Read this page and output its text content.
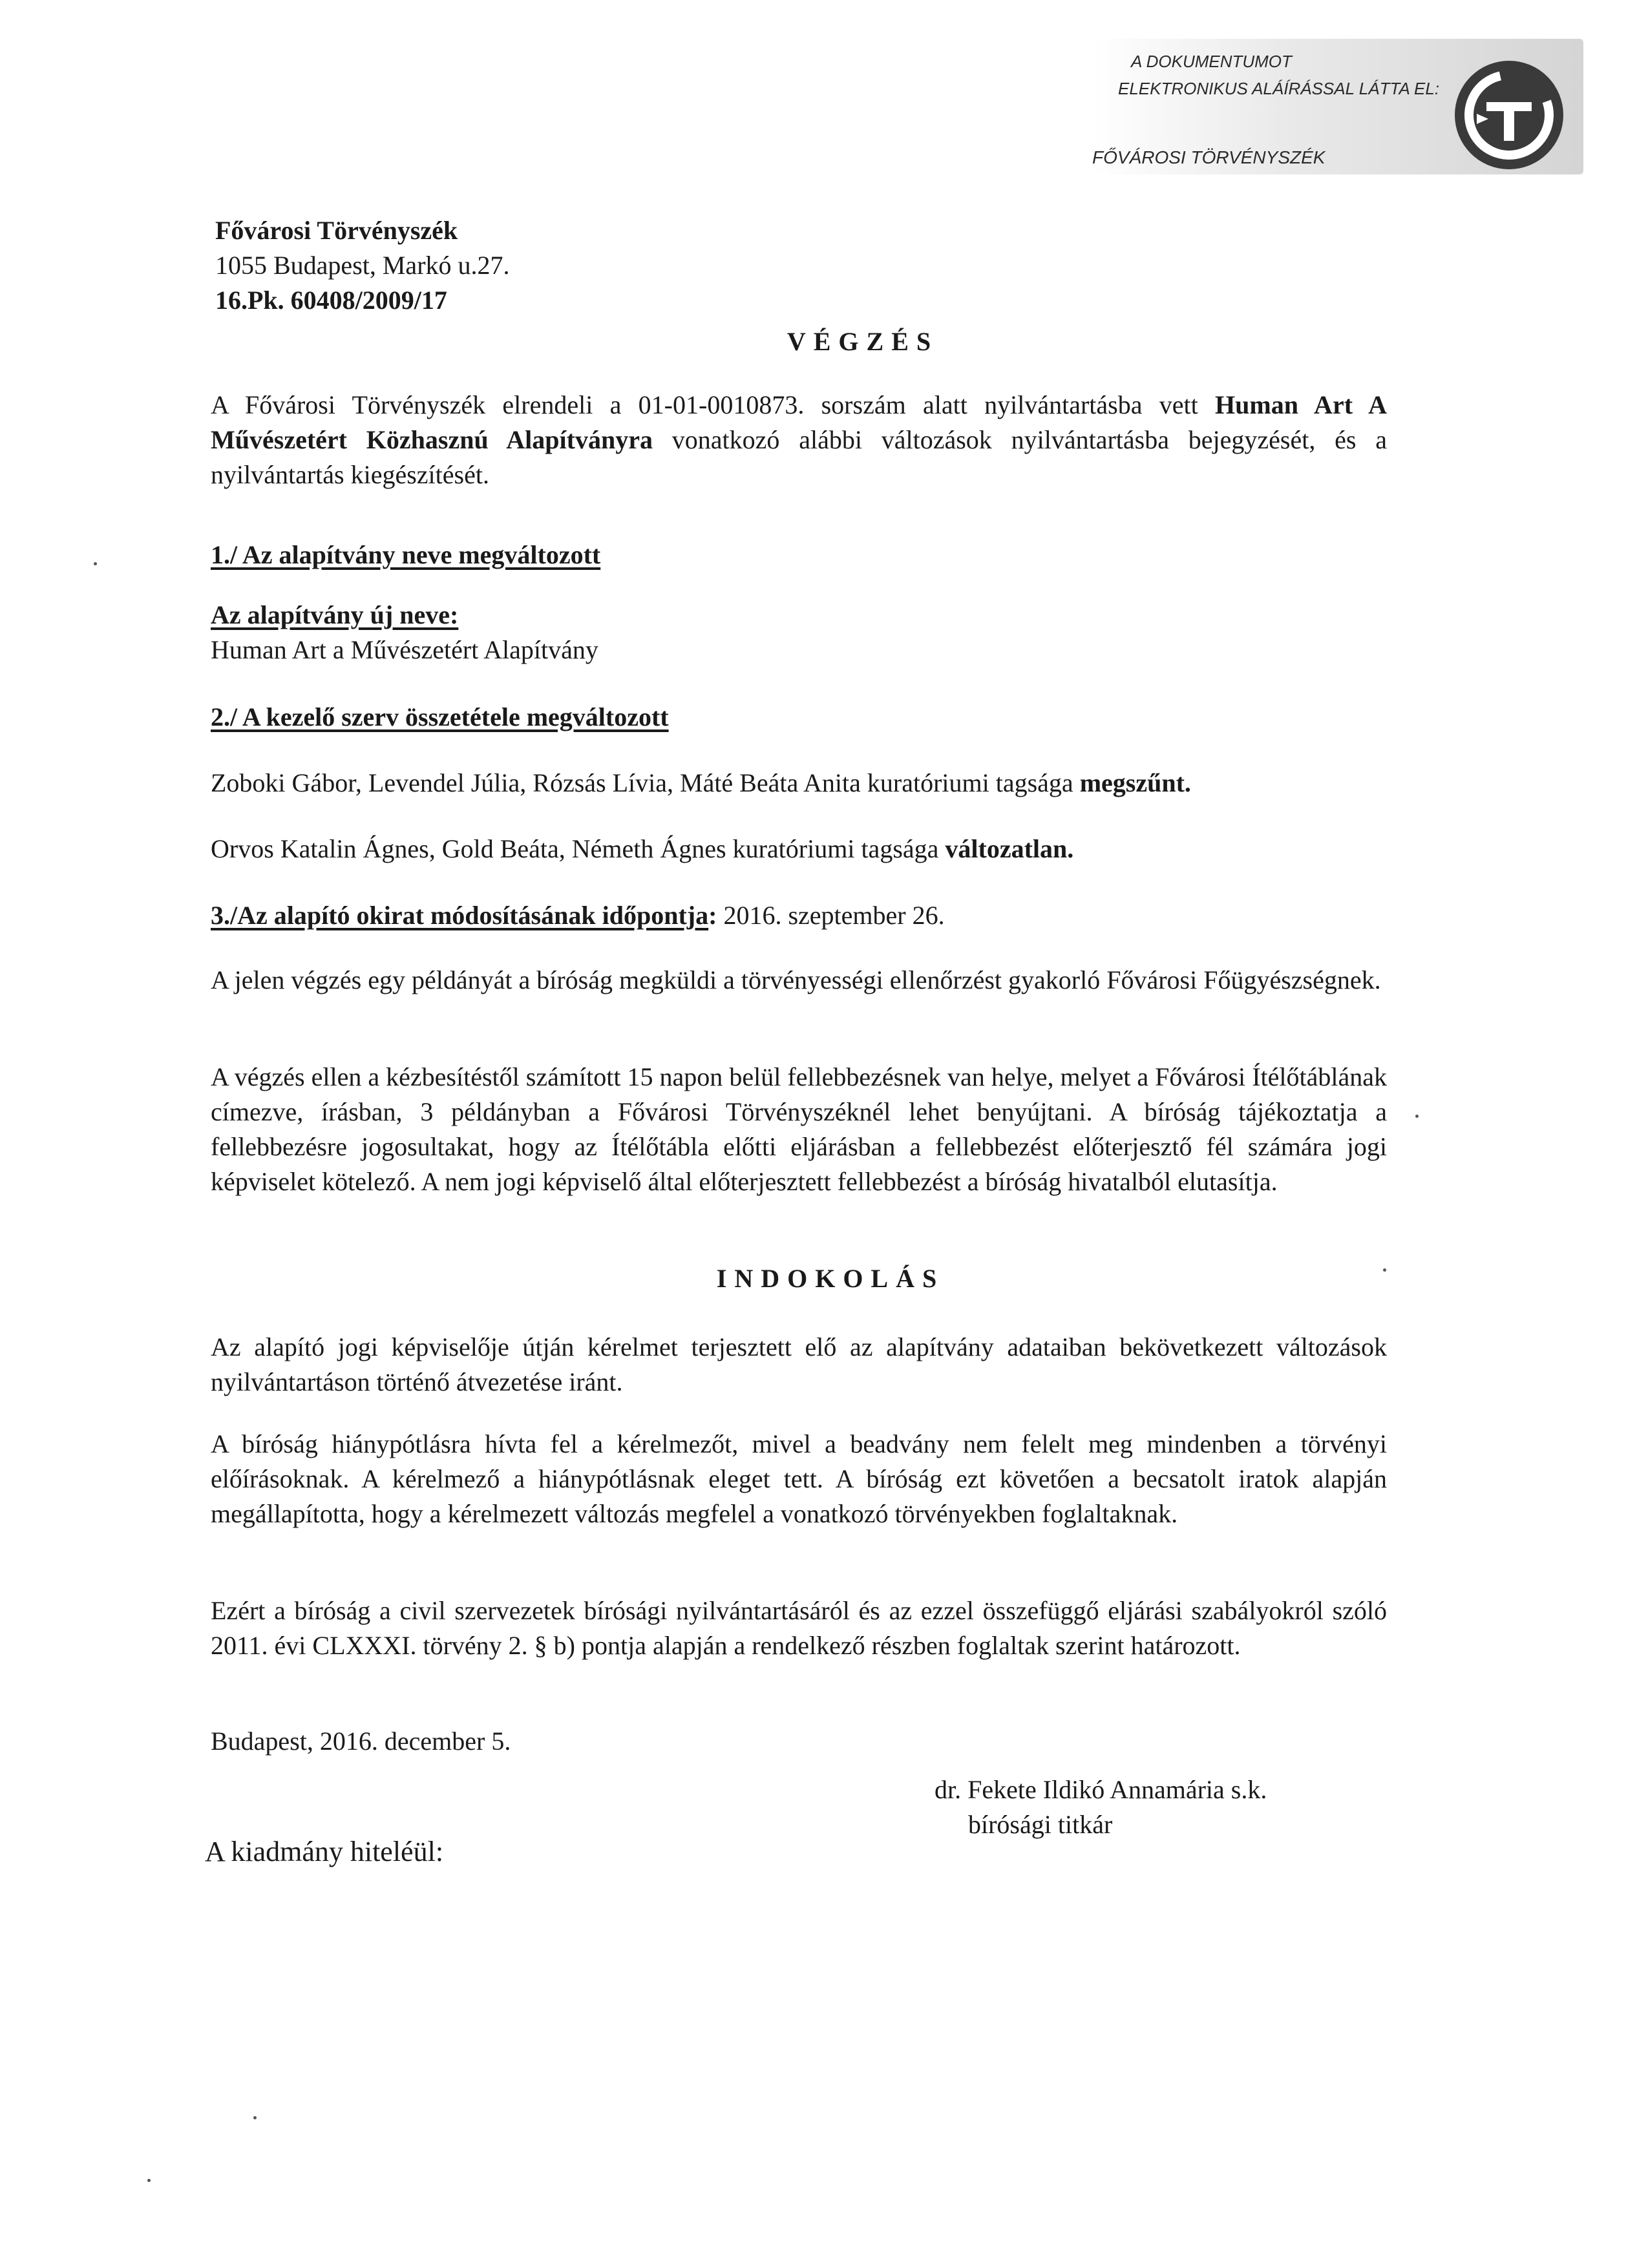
A DOKUMENTUMOT
ELEKTRONIKUS ALÁÍRÁSSAL LÁTTA EL:
FŐVÁROSI TÖRVÉNYSZÉK
Fővárosi Törvényszék
1055 Budapest, Markó u.27.
16.Pk. 60408/2009/17
VÉGZÉS

A Fővárosi Törvényszék elrendeli a 01-01-0010873. sorszám alatt nyilvántartásba vett Human Art A Művészetért Közhasznú Alapítványra vonatkozó alábbi változások nyilvántartásba bejegyzését, és a nyilvántartás kiegészítését.

1./ Az alapítvány neve megváltozott

Az alapítvány új neve:

Human Art a Művészetért Alapítvány

2./ A kezelő szerv összetétele megváltozott

Zoboki Gábor, Levendel Júlia, Rózsás Lívia, Máté Beáta Anita kuratóriumi tagsága megszűnt.

Orvos Katalin Ágnes, Gold Beáta, Németh Ágnes kuratóriumi tagsága változatlan.

3./Az alapító okirat módosításának időpontja: 2016. szeptember 26.

A jelen végzés egy példányát a bíróság megküldi a törvényességi ellenőrzést gyakorló Fővárosi Főügyészségnek.

A végzés ellen a kézbesítéstől számított 15 napon belül fellebbezésnek van helye, melyet a Fővárosi Ítélőtáblának címezve, írásban, 3 példányban a Fővárosi Törvényszéknél lehet benyújtani. A bíróság tájékoztatja a fellebbezésre jogosultakat, hogy az Ítélőtábla előtti eljárásban a fellebbezést előterjesztő fél számára jogi képviselet kötelező. A nem jogi képviselő által előterjesztett fellebbezést a bíróság hivatalból elutasítja.

INDOKOLÁS

Az alapító jogi képviselője útján kérelmet terjesztett elő az alapítvány adataiban bekövetkezett változások nyilvántartáson történő átvezetése iránt.

A bíróság hiánypótlásra hívta fel a kérelmezőt, mivel a beadvány nem felelt meg mindenben a törvényi előírásoknak. A kérelmező a hiánypótlásnak eleget tett. A bíróság ezt követően a becsatolt iratok alapján megállapította, hogy a kérelmezett változás megfelel a vonatkozó törvényekben foglaltaknak.

Ezért a bíróság a civil szervezetek bírósági nyilvántartásáról és az ezzel összefüggő eljárási szabályokról szóló 2011. évi CLXXXI. törvény 2. § b) pontja alapján a rendelkező részben foglaltak szerint határozott.

Budapest, 2016. december 5.

dr. Fekete Ildikó Annamária s.k.
bírósági titkár
A kiadmány hiteléül:
